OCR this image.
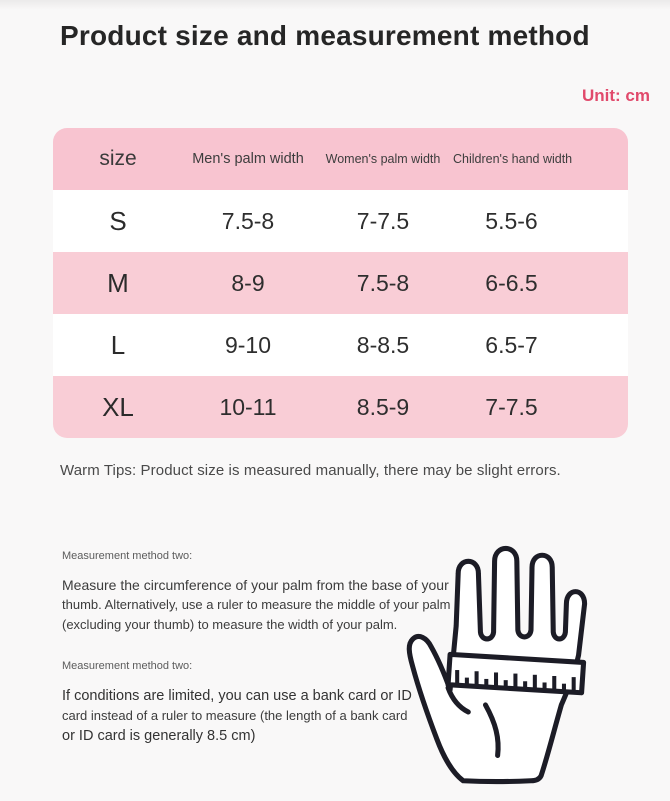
Product size and measurement method
Unit: cm
size	Men's palm width	Women's palm width	Children's hand width
S	7.5-8	7-7.5	5.5-6
M	8-9	7.5-8	6-6.5
L	9-10	8-8.5	6.5-7
XL	10-11	8.5-9	7-7.5
Warm Tips: Product size is measured manually, there may be slight errors.
Measurement method two:
Measure the circumference of your palm from the base of your
thumb. Alternatively, use a ruler to measure the middle of your palm
(excluding your thumb) to measure the width of your palm.
Measurement method two:
If conditions are limited, you can use a bank card or ID
card instead of a ruler to measure (the length of a bank card
or ID card is generally 8.5 cm)
